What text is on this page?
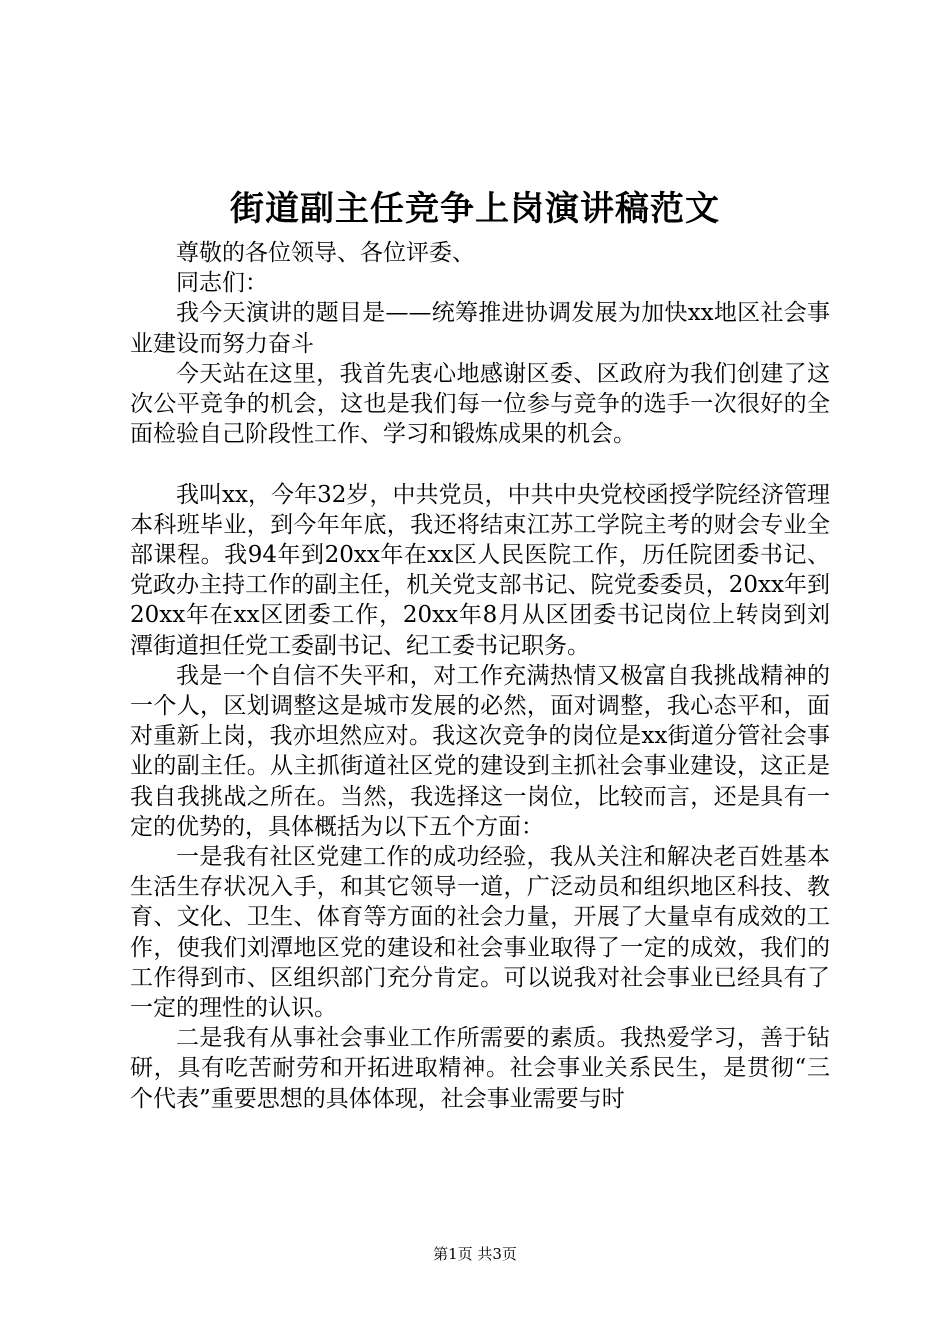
街道副主任竞争上岗演讲稿范文

尊敬的各位领导、各位评委、

同志们：

我今天演讲的题目是——统筹推进协调发展为加快xx地区社会事业建设而努力奋斗

今天站在这里，我首先衷心地感谢区委、区政府为我们创建了这次公平竞争的机会，这也是我们每一位参与竞争的选手一次很好的全面检验自己阶段性工作、学习和锻炼成果的机会。

我叫xx，今年32岁，中共党员，中共中央党校函授学院经济管理本科班毕业，到今年年底，我还将结束江苏工学院主考的财会专业全部课程。我94年到20xx年在xx区人民医院工作，历任院团委书记、党政办主持工作的副主任，机关党支部书记、院党委委员，20xx年到20xx年在xx区团委工作，20xx年8月从区团委书记岗位上转岗到刘潭街道担任党工委副书记、纪工委书记职务。

我是一个自信不失平和，对工作充满热情又极富自我挑战精神的一个人，区划调整这是城市发展的必然，面对调整，我心态平和，面对重新上岗，我亦坦然应对。我这次竞争的岗位是xx街道分管社会事业的副主任。从主抓街道社区党的建设到主抓社会事业建设，这正是我自我挑战之所在。当然，我选择这一岗位，比较而言，还是具有一定的优势的，具体概括为以下五个方面：

一是我有社区党建工作的成功经验，我从关注和解决老百姓基本生活生存状况入手，和其它领导一道，广泛动员和组织地区科技、教育、文化、卫生、体育等方面的社会力量，开展了大量卓有成效的工作，使我们刘潭地区党的建设和社会事业取得了一定的成效，我们的工作得到市、区组织部门充分肯定。可以说我对社会事业已经具有了一定的理性的认识。

二是我有从事社会事业工作所需要的素质。我热爱学习，善于钻研，具有吃苦耐劳和开拓进取精神。社会事业关系民生，是贯彻“三个代表”重要思想的具体体现，社会事业需要与时

第1页 共3页
